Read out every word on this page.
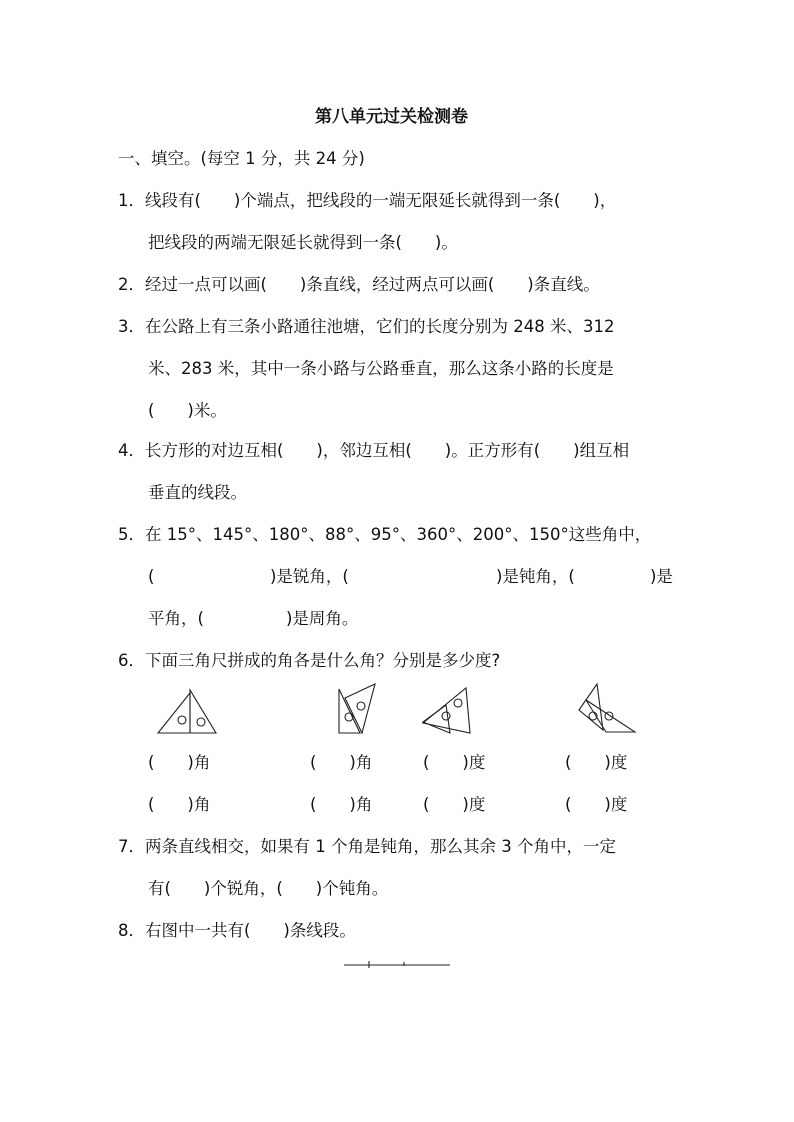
第八单元过关检测卷
一、填空。(每空 1 分，共 24 分)
1．线段有(　　)个端点，把线段的一端无限延长就得到一条(　　)，
把线段的两端无限延长就得到一条(　　)。
2．经过一点可以画(　　)条直线，经过两点可以画(　　)条直线。
3．在公路上有三条小路通往池塘，它们的长度分别为 248 米、312
米、283 米，其中一条小路与公路垂直，那么这条小路的长度是
(　　)米。
4．长方形的对边互相(　　)，邻边互相(　　)。正方形有(　　)组互相
垂直的线段。
5．在 15°、145°、180°、88°、95°、360°、200°、150°这些角中，
(	)是锐角，(	)是钝角，(	)是
平角，(	)是周角。
6．下面三角尺拼成的角各是什么角？分别是多少度?
(　　)角	(　　)角	(　　)度	(　　)度
(　　)角	(　　)角	(　　)度	(　　)度
7．两条直线相交，如果有 1 个角是钝角，那么其余 3 个角中，一定
有(　　)个锐角，(　　)个钝角。
8．右图中一共有(　　)条线段。
